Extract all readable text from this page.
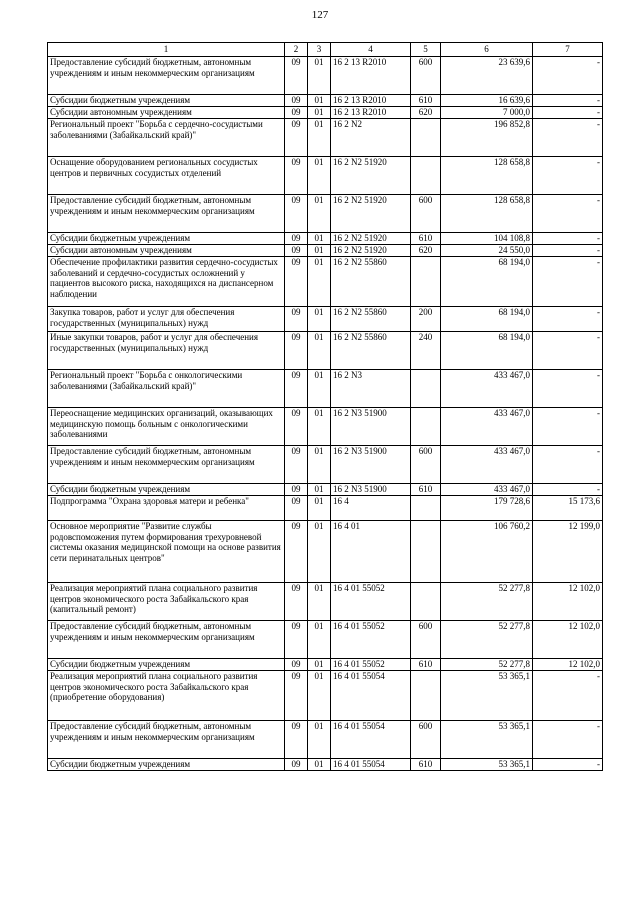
127
1	2	3	4	5	6	7
Предоставление субсидий бюджетным, автономным учреждениям и иным некоммерческим организациям	09	01	16 2 13 R2010	600	23 639,6	-
Субсидии бюджетным учреждениям	09	01	16 2 13 R2010	610	16 639,6	-
Субсидии автономным учреждениям	09	01	16 2 13 R2010	620	7 000,0	-
Региональный проект "Борьба с сердечно-сосудистыми заболеваниями (Забайкальский край)"	09	01	16 2 N2		196 852,8	-
Оснащение оборудованием региональных сосудистых центров и первичных сосудистых отделений	09	01	16 2 N2 51920		128 658,8	-
Предоставление субсидий бюджетным, автономным учреждениям и иным некоммерческим организациям	09	01	16 2 N2 51920	600	128 658,8	-
Субсидии бюджетным учреждениям	09	01	16 2 N2 51920	610	104 108,8	-
Субсидии автономным учреждениям	09	01	16 2 N2 51920	620	24 550,0	-
Обеспечение профилактики развития сердечно-сосудистых заболеваний и сердечно-сосудистых осложнений у пациентов высокого риска, находящихся на диспансерном наблюдении	09	01	16 2 N2 55860		68 194,0	-
Закупка товаров, работ и услуг для обеспечения государственных (муниципальных) нужд	09	01	16 2 N2 55860	200	68 194,0	-
Иные закупки товаров, работ и услуг для обеспечения государственных (муниципальных) нужд	09	01	16 2 N2 55860	240	68 194,0	-
Региональный проект "Борьба с онкологическими заболеваниями (Забайкальский край)"	09	01	16 2 N3		433 467,0	-
Переоснащение медицинских организаций, оказывающих медицинскую помощь больным с онкологическими заболеваниями	09	01	16 2 N3 51900		433 467,0	-
Предоставление субсидий бюджетным, автономным учреждениям и иным некоммерческим организациям	09	01	16 2 N3 51900	600	433 467,0	-
Субсидии бюджетным учреждениям	09	01	16 2 N3 51900	610	433 467,0	-
Подпрограмма "Охрана здоровья матери и ребенка"	09	01	16 4		179 728,6	15 173,6
Основное мероприятие "Развитие службы родовспоможения путем формирования трехуровневой системы оказания медицинской помощи на основе развития сети перинатальных центров"	09	01	16 4 01		106 760,2	12 199,0
Реализация мероприятий плана социального развития центров экономического роста Забайкальского края (капитальный ремонт)	09	01	16 4 01 55052		52 277,8	12 102,0
Предоставление субсидий бюджетным, автономным учреждениям и иным некоммерческим организациям	09	01	16 4 01 55052	600	52 277,8	12 102,0
Субсидии бюджетным учреждениям	09	01	16 4 01 55052	610	52 277,8	12 102,0
Реализация мероприятий плана социального развития центров экономического роста Забайкальского края (приобретение оборудования)	09	01	16 4 01 55054		53 365,1	-
Предоставление субсидий бюджетным, автономным учреждениям и иным некоммерческим организациям	09	01	16 4 01 55054	600	53 365,1	-
Субсидии бюджетным учреждениям	09	01	16 4 01 55054	610	53 365,1	-
